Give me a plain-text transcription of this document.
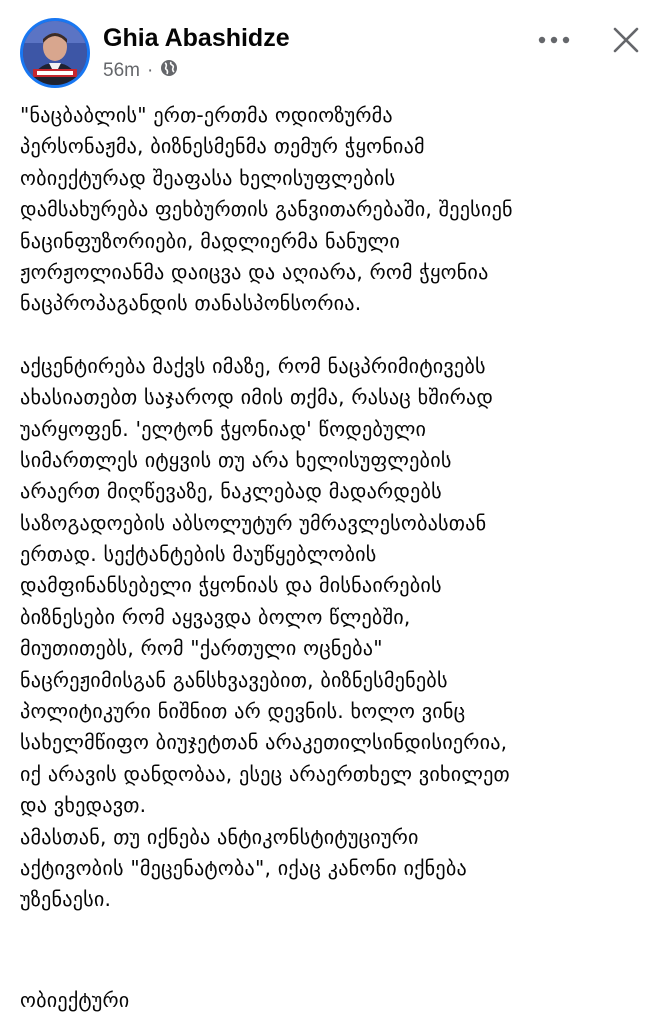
Ghia Abashidze
56m ·
"ნაცბაბლის" ერთ-ერთმა ოდიოზურმა
პერსონაჟმა, ბიზნესმენმა თემურ ჭყონიამ
ობიექტურად შეაფასა ხელისუფლების
დამსახურება ფეხბურთის განვითარებაში, შეესიენ
ნაცინფუზორიები, მადლიერმა ნანული
ჟორჟოლიანმა დაიცვა და აღიარა, რომ ჭყონია
ნაცპროპაგანდის თანასპონსორია.
აქცენტირება მაქვს იმაზე, რომ ნაცპრიმიტივებს
ახასიათებთ საჯაროდ იმის თქმა, რასაც ხშირად
უარყოფენ. 'ელტონ ჭყონიად' წოდებული
სიმართლეს იტყვის თუ არა ხელისუფლების
არაერთ მიღწევაზე, ნაკლებად მადარდებს
საზოგადოების აბსოლუტურ უმრავლესობასთან
ერთად. სექტანტების მაუწყებლობის
დამფინანსებელი ჭყონიას და მისნაირების
ბიზნესები რომ აყვავდა ბოლო წლებში,
მიუთითებს, რომ "ქართული ოცნება"
ნაცრეჟიმისგან განსხვავებით, ბიზნესმენებს
პოლიტიკური ნიშნით არ დევნის. ხოლო ვინც
სახელმწიფო ბიუჯეტთან არაკეთილსინდისიერია,
იქ არავის დანდობაა, ესეც არაერთხელ ვიხილეთ
და ვხედავთ.
ამასთან, თუ იქნება ანტიკონსტიტუციური
აქტივობის "მეცენატობა", იქაც კანონი იქნება
უზენაესი.
ობიექტური
